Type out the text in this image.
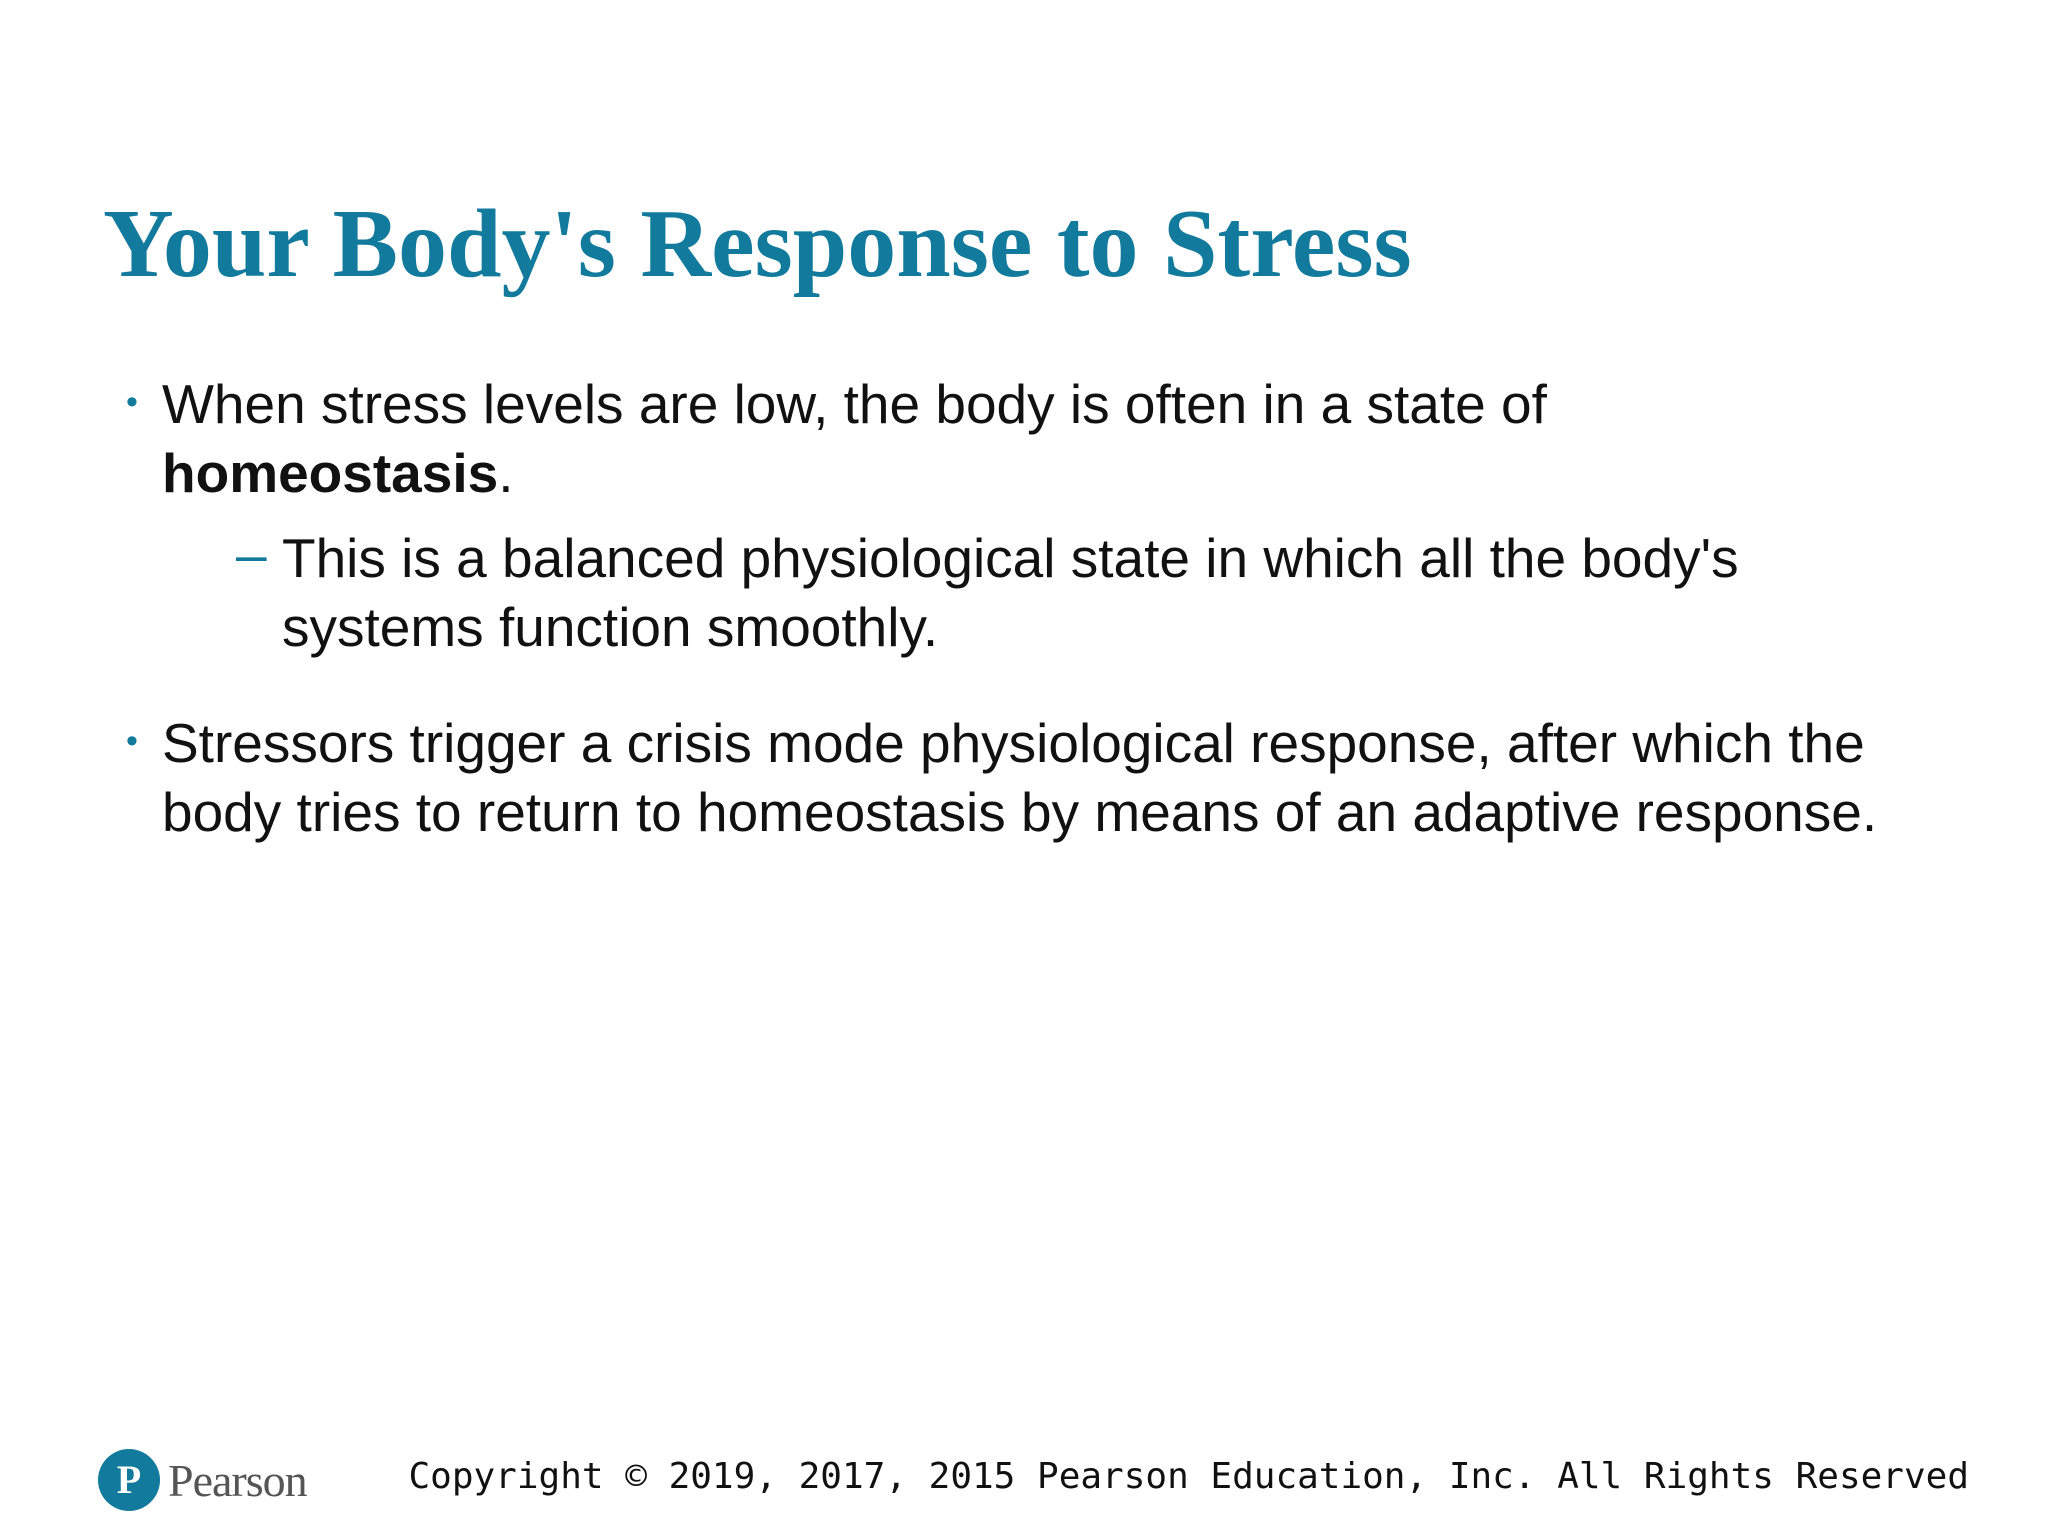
Your Body's Response to Stress
• When stress levels are low, the body is often in a state of
homeostasis.
– This is a balanced physiological state in which all the body's
systems function smoothly.
• Stressors trigger a crisis mode physiological response, after which the
body tries to return to homeostasis by means of an adaptive response.
P Pearson	Copyright © 2019, 2017, 2015 Pearson Education, Inc. All Rights Reserved
